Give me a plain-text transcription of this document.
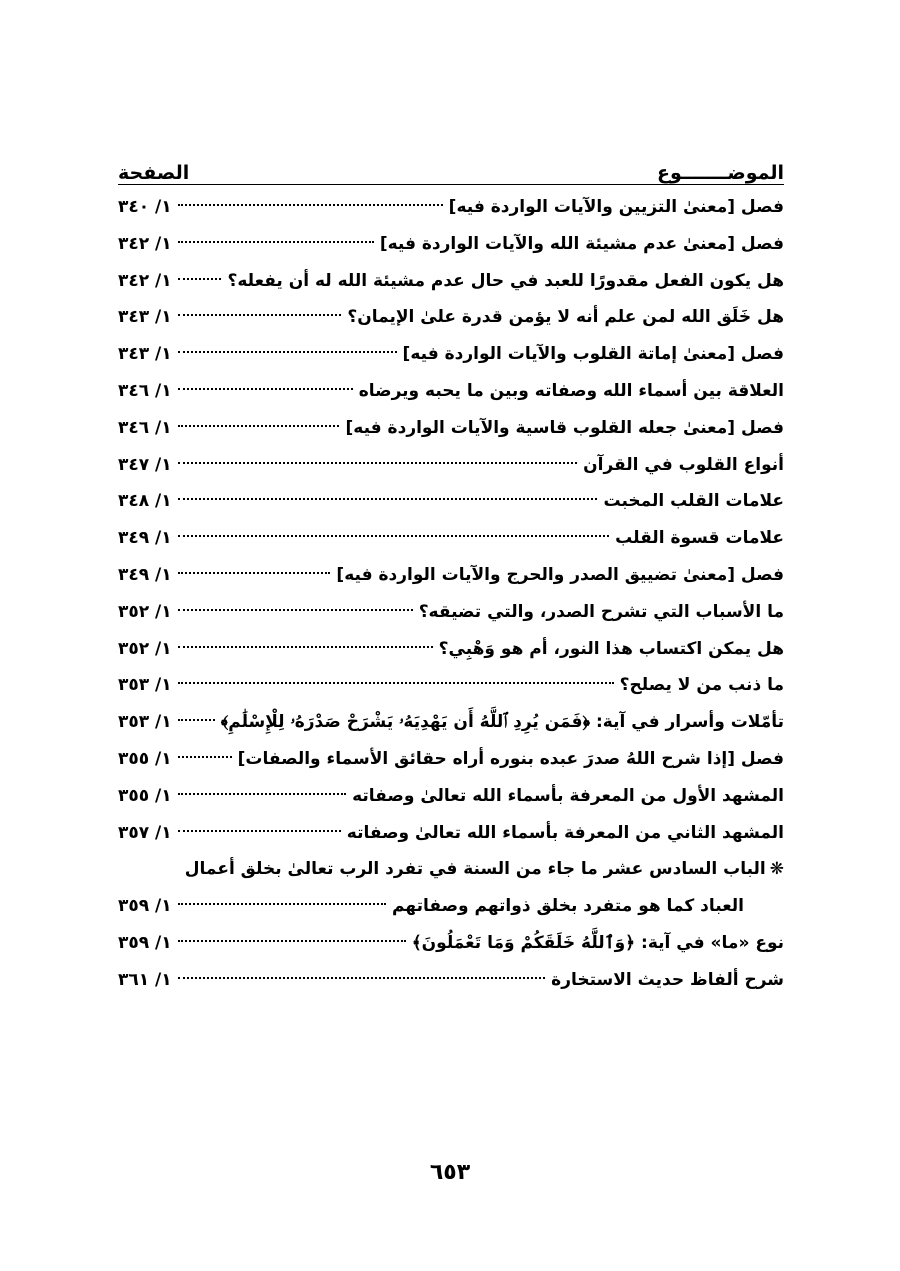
الموضـــــــوع
الصفحة
فصل [معنىٰ التزيين والآيات الواردة فيه]
١/ ٣٤٠
فصل [معنىٰ عدم مشيئة الله والآيات الواردة فيه]
١/ ٣٤٢
هل يكون الفعل مقدورًا للعبد في حال عدم مشيئة الله له أن يفعله؟
١/ ٣٤٢
هل خَلَق الله لمن علم أنه لا يؤمن قدرة علىٰ الإيمان؟
١/ ٣٤٣
فصل [معنىٰ إماتة القلوب والآيات الواردة فيه]
١/ ٣٤٣
العلاقة بين أسماء الله وصفاته وبين ما يحبه ويرضاه
١/ ٣٤٦
فصل [معنىٰ جعله القلوب قاسية والآيات الواردة فيه]
١/ ٣٤٦
أنواع القلوب في القرآن
١/ ٣٤٧
علامات القلب المخبت
١/ ٣٤٨
علامات قسوة القلب
١/ ٣٤٩
فصل [معنىٰ تضييق الصدر والحرج والآيات الواردة فيه]
١/ ٣٤٩
ما الأسباب التي تشرح الصدر، والتي تضيقه؟
١/ ٣٥٢
هل يمكن اكتساب هذا النور، أم هو وَهْبِي؟
١/ ٣٥٢
ما ذنب من لا يصلح؟
١/ ٣٥٣
تأمّلات وأسرار في آية: ﴿فَمَن يُرِدِ ٱللَّهُ أَن يَهْدِيَهُۥ يَشْرَحْ صَدْرَهُۥ لِلْإِسْلَٰمِ﴾
١/ ٣٥٣
فصل [إذا شرح اللهُ صدرَ عبده بنوره أراه حقائق الأسماء والصفات]
١/ ٣٥٥
المشهد الأول من المعرفة بأسماء الله تعالىٰ وصفاته
١/ ٣٥٥
المشهد الثاني من المعرفة بأسماء الله تعالىٰ وصفاته
١/ ٣٥٧
❋الباب السادس عشر ما جاء من السنة في تفرد الرب تعالىٰ بخلق أعمال
العباد كما هو متفرد بخلق ذواتهم وصفاتهم
١/ ٣٥٩
نوع «ما» في آية: ﴿وَٱللَّهُ خَلَقَكُمْ وَمَا تَعْمَلُونَ﴾
١/ ٣٥٩
شرح ألفاظ حديث الاستخارة
١/ ٣٦١
٦٥٣
